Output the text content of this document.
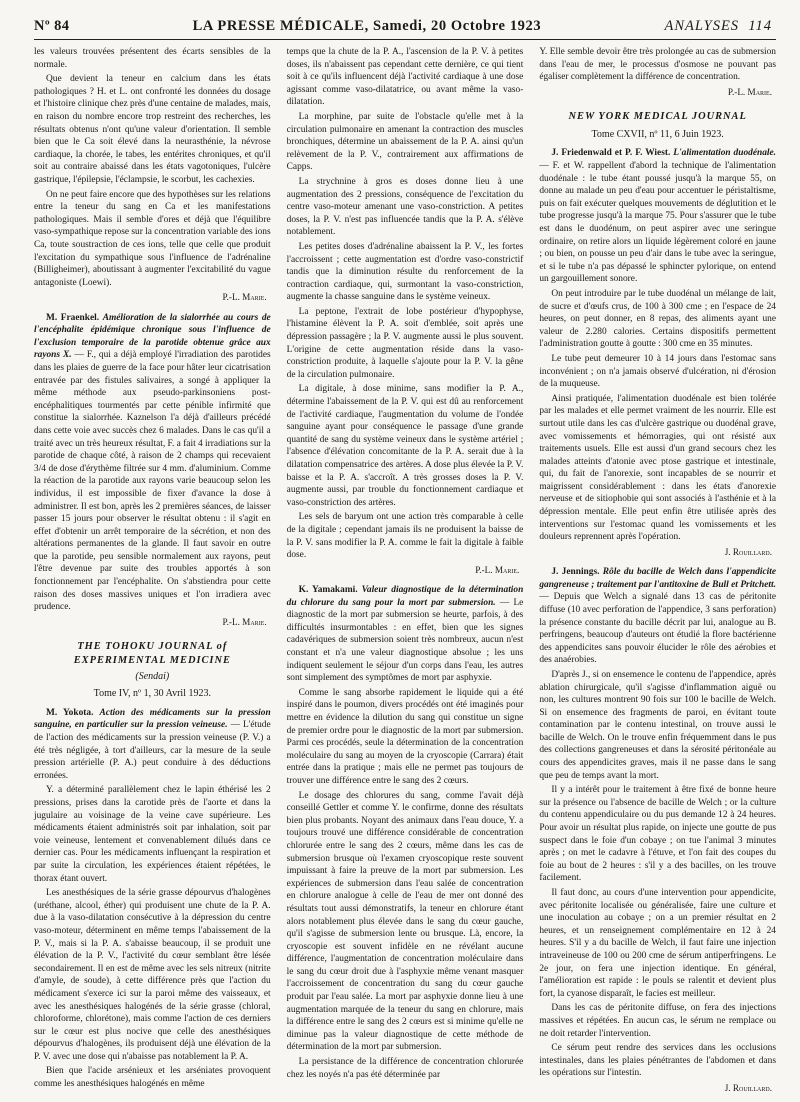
Nº 84	LA PRESSE MÉDICALE, Samedi, 20 Octobre 1923	ANALYSES 114

les valeurs trouvées présentent des écarts sensibles de la normale.

Que devient la teneur en calcium dans les états pathologiques ? H. et L. ont confronté les données du dosage et l'histoire clinique chez près d'une centaine de malades, mais, en raison du nombre encore trop restreint des recherches, les résultats obtenus n'ont qu'une valeur d'orientation. Il semble bien que le Ca soit élevé dans la neurasthénie, la névrose cardiaque, la chorée, le tabes, les entérites chroniques, et qu'il soit au contraire abaissé dans les états vagotoniques, l'ulcère gastrique, l'épilepsie, l'éclampsie, le scorbut, les cachexies.

On ne peut faire encore que des hypothèses sur les relations entre la teneur du sang en Ca et les manifestations pathologiques. Mais il semble d'ores et déjà que l'équilibre vaso-sympathique repose sur la concentration variable des ions Ca, toute soustraction de ces ions, telle que celle que produit l'excitation du sympathique sous l'influence de l'adrénaline (Billigheimer), aboutissant à augmenter l'excitabilité du vague antagoniste (Loewi).

P.-L. Marie.

M. Fraenkel. Amélioration de la sialorrhée au cours de l'encéphalite épidémique chronique sous l'influence de l'exclusion temporaire de la parotide obtenue grâce aux rayons X. — F., qui a déjà employé l'irradiation des parotides dans les plaies de guerre de la face pour hâter leur cicatrisation entravée par des fistules salivaires, a songé à appliquer la même méthode aux pseudo-parkinsoniens post-encéphalitiques tourmentés par cette pénible infirmité que constitue la sialorrhée. Kaznelson l'a déjà d'ailleurs précédé dans cette voie avec succès chez 6 malades. Dans le cas qu'il a traité avec un très heureux résultat, F. a fait 4 irradiations sur la parotide de chaque côté, à raison de 2 champs qui recevaient 3/4 de dose d'érythème filtrée sur 4 mm. d'aluminium. Comme la réaction de la parotide aux rayons varie beaucoup selon les individus, il est impossible de fixer d'avance la dose à administrer. Il est bon, après les 2 premières séances, de laisser passer 15 jours pour observer le résultat obtenu : il s'agit en effet d'obtenir un arrêt temporaire de la sécrétion, et non des altérations permanentes de la glande. Il faut savoir en outre que la parotide, peu sensible normalement aux rayons, peut l'être devenue par suite des troubles apportés à son fonctionnement par l'encéphalite. On s'abstiendra pour cette raison des doses massives uniques et l'on irradiera avec prudence.

P.-L. Marie.
THE TOHOKU JOURNAL of EXPERIMENTAL MEDICINE
(Sendai)
Tome IV, nº 1, 30 Avril 1923.

M. Yokota. Action des médicaments sur la pression sanguine, en particulier sur la pression veineuse. — L'étude de l'action des médicaments sur la pression veineuse (P. V.) a été très négligée, à tort d'ailleurs, car la mesure de la seule pression artérielle (P. A.) peut conduire à des déductions erronées.

Y. a déterminé parallèlement chez le lapin éthérisé les 2 pressions, prises dans la carotide près de l'aorte et dans la jugulaire au voisinage de la veine cave supérieure. Les médicaments étaient administrés soit par inhalation, soit par voie veineuse, lentement et convenablement dilués dans ce dernier cas. Pour les médicaments influençant la respiration et par suite la circulation, les expériences étaient répétées, le thorax étant ouvert.

Les anesthésiques de la série grasse dépourvus d'halogènes (uréthane, alcool, éther) qui produisent une chute de la P. A. due à la vaso-dilatation consécutive à la dépression du centre vaso-moteur, déterminent en même temps l'abaissement de la P. V., mais si la P. A. s'abaisse beaucoup, il se produit une élévation de la P. V., l'activité du cœur semblant être lésée secondairement. Il en est de même avec les sels nitreux (nitrite d'amyle, de soude), à cette différence près que l'action du médicament s'exerce ici sur la paroi même des vaisseaux, et avec les anesthésiques halogénés de la série grasse (chloral, chloroforme, chlorétone), mais comme l'action de ces derniers sur le cœur est plus nocive que celle des anesthésiques dépourvus d'halogènes, ils produisent déjà une élévation de la P. V. avec une dose qui n'abaisse pas notablement la P. A.

Bien que l'acide arsénieux et les arséniates provoquent comme les anesthésiques halogénés en même

temps que la chute de la P. A., l'ascension de la P. V. à petites doses, ils n'abaissent pas cependant cette dernière, ce qui tient soit à ce qu'ils influencent déjà l'activité cardiaque à une dose agissant comme vaso-dilatatrice, ou avant même la vaso-dilatation.

La morphine, par suite de l'obstacle qu'elle met à la circulation pulmonaire en amenant la contraction des muscles bronchiques, détermine un abaissement de la P. A. ainsi qu'un relèvement de la P. V., contrairement aux affirmations de Capps.

La strychnine à gros es doses donne lieu à une augmentation des 2 pressions, conséquence de l'excitation du centre vaso-moteur amenant une vaso-constriction. A petites doses, la P. V. n'est pas influencée tandis que la P. A. s'élève notablement.

Les petites doses d'adrénaline abaissent la P. V., les fortes l'accroissent ; cette augmentation est d'ordre vaso-constrictif tandis que la diminution résulte du renforcement de la contraction cardiaque, qui, surmontant la vaso-constriction, augmente la chasse sanguine dans le système veineux.

La peptone, l'extrait de lobe postérieur d'hypophyse, l'histamine élèvent la P. A. soit d'emblée, soit après une dépression passagère ; la P. V. augmente aussi le plus souvent. L'origine de cette augmentation réside dans la vaso-constriction produite, à laquelle s'ajoute pour la P. V. la gêne de la circulation pulmonaire.

La digitale, à dose minime, sans modifier la P. A., détermine l'abaissement de la P. V. qui est dû au renforcement de l'activité cardiaque, l'augmentation du volume de l'ondée sanguine ayant pour conséquence le passage d'une grande quantité de sang du système veineux dans le système artériel ; l'absence d'élévation concomitante de la P. A. serait due à la dilatation compensatrice des artères. A dose plus élevée la P. V. baisse et la P. A. s'accroît. A très grosses doses la P. V. augmente aussi, par trouble du fonctionnement cardiaque et vaso-constriction des artères.

Les sels de baryum ont une action très comparable à celle de la digitale ; cependant jamais ils ne produisent la baisse de la P. V. sans modifier la P. A. comme le fait la digitale à faible dose.

P.-L. Marie.

K. Yamakami. Valeur diagnostique de la détermination du chlorure du sang pour la mort par submersion. — Le diagnostic de la mort par submersion se heurte, parfois, à des difficultés insurmontables : en effet, bien que les signes cadavériques de submersion soient très nombreux, aucun n'est constant et n'a une valeur diagnostique absolue ; les uns indiquent seulement le séjour d'un corps dans l'eau, les autres sont simplement des symptômes de mort par asphyxie.

Comme le sang absorbe rapidement le liquide qui a été inspiré dans le poumon, divers procédés ont été imaginés pour mettre en évidence la dilution du sang qui constitue un signe de premier ordre pour le diagnostic de la mort par submersion. Parmi ces procédés, seule la détermination de la concentration moléculaire du sang au moyen de la cryoscopie (Carrara) était entrée dans la pratique ; mais elle ne permet pas toujours de trouver une différence entre le sang des 2 cœurs.

Le dosage des chlorures du sang, comme l'avait déjà conseillé Gettler et comme Y. le confirme, donne des résultats bien plus probants. Noyant des animaux dans l'eau douce, Y. a toujours trouvé une différence considérable de concentration chlorurée entre le sang des 2 cœurs, même dans les cas de submersion brusque où l'examen cryoscopique reste souvent impuissant à faire la preuve de la mort par submersion. Les expériences de submersion dans l'eau salée de concentration en chlorure analogue à celle de l'eau de mer ont donné des résultats tout aussi démonstratifs, la teneur en chlorure étant alors notablement plus élevée dans le sang du cœur gauche, qu'il s'agisse de submersion lente ou brusque. Là, encore, la cryoscopie est souvent infidèle en ne révélant aucune différence, l'augmentation de concentration moléculaire dans le sang du cœur droit due à l'asphyxie même venant masquer l'accroissement de concentration du sang du cœur gauche produit par l'eau salée. La mort par asphyxie donne lieu à une augmentation marquée de la teneur du sang en chlorure, mais la différence entre le sang des 2 cœurs est si minime qu'elle ne diminue pas la valeur diagnostique de cette méthode de détermination de la mort par submersion.

La persistance de la différence de concentration chlorurée chez les noyés n'a pas été déterminée par

Y. Elle semble devoir être très prolongée au cas de submersion dans l'eau de mer, le processus d'osmose ne pouvant pas égaliser complètement la différence de concentration.

P.-L. Marie.
NEW YORK MEDICAL JOURNAL
Tome CXVII, nº 11, 6 Juin 1923.

J. Friedenwald et P. F. Wiest. L'alimentation duodénale. — F. et W. rappellent d'abord la technique de l'alimentation duodénale : le tube étant poussé jusqu'à la marque 55, on donne au malade un peu d'eau pour accentuer le péristaltisme, puis on fait exécuter quelques mouvements de déglutition et le tube progresse jusqu'à la marque 75. Pour s'assurer que le tube est dans le duodénum, on peut aspirer avec une seringue ordinaire, on retire alors un liquide légèrement coloré en jaune ; ou bien, on pousse un peu d'air dans le tube avec la seringue, et si le tube n'a pas dépassé le sphincter pylorique, on entend un gargouillement sonore.

On peut introduire par le tube duodénal un mélange de lait, de sucre et d'œufs crus, de 100 à 300 cme ; en l'espace de 24 heures, on peut donner, en 8 repas, des aliments ayant une valeur de 2.280 calories. Certains dispositifs permettent l'administration goutte à goutte : 300 cme en 35 minutes.

Le tube peut demeurer 10 à 14 jours dans l'estomac sans inconvénient ; on n'a jamais observé d'ulcération, ni d'érosion de la muqueuse.

Ainsi pratiquée, l'alimentation duodénale est bien tolérée par les malades et elle permet vraiment de les nourrir. Elle est surtout utile dans les cas d'ulcère gastrique ou duodénal grave, avec vomissements et hémorragies, qui ont résisté aux traitements usuels. Elle est aussi d'un grand secours chez les malades atteints d'atonie avec ptose gastrique et intestinale, qui, du fait de l'anorexie, sont incapables de se nourrir et maigrissent considérablement : dans les états d'anorexie nerveuse et de sitiophobie qui sont associés à l'asthénie et à la dépression mentale. Elle peut enfin être utilisée après des interventions sur l'estomac quand les vomissements et les douleurs reprennent après l'opération.

J. Rouillard.

J. Jennings. Rôle du bacille de Welch dans l'appendicite gangreneuse ; traitement par l'antitoxine de Bull et Pritchett. — Depuis que Welch a signalé dans 13 cas de péritonite diffuse (10 avec perforation de l'appendice, 3 sans perforation) la présence constante du bacille décrit par lui, analogue au B. perfringens, beaucoup d'auteurs ont étudié la flore bactérienne des appendicites sans pouvoir élucider le rôle des aérobies et des anaérobies.

D'après J., si on ensemence le contenu de l'appendice, après ablation chirurgicale, qu'il s'agisse d'inflammation aiguë ou non, les cultures montrent 90 fois sur 100 le bacille de Welch. Si on ensemence des fragments de paroi, en évitant toute contamination par le contenu intestinal, on trouve aussi le bacille de Welch. On le trouve enfin fréquemment dans le pus des collections gangreneuses et dans la sérosité péritonéale au cours des appendicites graves, mais il ne passe dans le sang que peu de temps avant la mort.

Il y a intérêt pour le traitement à être fixé de bonne heure sur la présence ou l'absence de bacille de Welch ; or la culture du contenu appendiculaire ou du pus demande 12 à 24 heures. Pour avoir un résultat plus rapide, on injecte une goutte de pus suspect dans le foie d'un cobaye ; on tue l'animal 3 minutes après ; on met le cadavre à l'étuve, et l'on fait des coupes du foie au bout de 2 heures : s'il y a des bacilles, on les trouve facilement.

Il faut donc, au cours d'une intervention pour appendicite, avec péritonite localisée ou généralisée, faire une culture et une inoculation au cobaye ; on a un premier résultat en 2 heures, et un renseignement complémentaire en 12 à 24 heures. S'il y a du bacille de Welch, il faut faire une injection intraveineuse de 100 ou 200 cme de sérum antiperfringens. Le 2e jour, on fera une injection identique. En général, l'amélioration est rapide : le pouls se ralentit et devient plus fort, la cyanose disparaît, le facies est meilleur.

Dans les cas de péritonite diffuse, on fera des injections massives et répétées. En aucun cas, le sérum ne remplace ou ne doit retarder l'intervention.

Ce sérum peut rendre des services dans les occlusions intestinales, dans les plaies pénétrantes de l'abdomen et dans les opérations sur l'intestin.

J. Rouillard.
